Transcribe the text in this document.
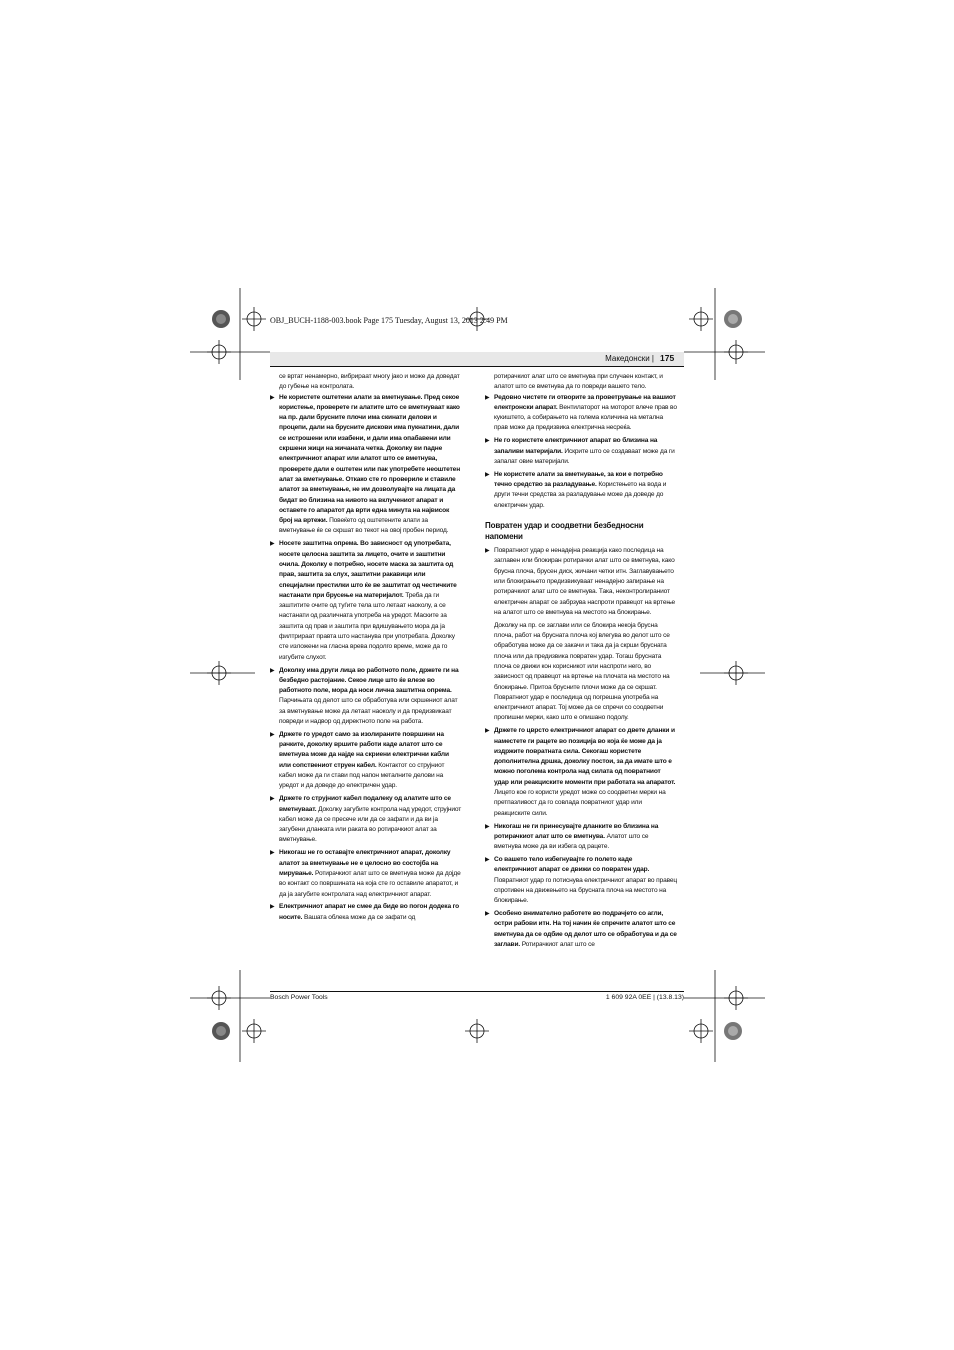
OBJ_BUCH-1188-003.book Page 175 Tuesday, August 13, 2013 2:49 PM
Македонски | 175

се вртат ненамерно, вибрираат многу јако и може да доведат до губење на контролата.

▶ Не користете оштетени алати за вметнување. Пред секое користење, проверете ги алатите што се вметнуваат како на пр. дали брусните плочи има скинати делови и процепи, дали на брусните дискови има пукнатини, дали се истрошени или изабени, и дали има опабавени или скршени жици на жичаната четка. Доколку ви падне електричниот апарат или алатот што се вметнува, проверете дали е оштетен или пак употребете неоштетен алат за вметнување. Откако сте го провериле и ставиле алатот за вметнување, не им дозволувајте на лицата да бидат во близина на нивото на вклучениот апарат и оставете го апаратот да врти една минута на највисок број на вртежи. Повеќето од оштетените алати за вметнување ќе се скршат во текот на овој пробен период.
▶ Носете заштитна опрема. Во зависност од употребата, носете целосна заштита за лицето, очите и заштитни очила. Доколку е потребно, носете маска за заштита од прав, заштита за слух, заштитни ракавици или специјални престилки што ќе ве заштитат од честичките настанати при брусење на материјалот. Треба да ги заштитите очите од туѓите тела што летаат наоколу, а се настанати од различната употреба на уредот. Маските за заштита од прав и заштита при вдишувањето мора да ја филтрираат правта што настанува при употребата. Доколку сте изложени на гласна врева подолго време, може да го изгубите слухот.
▶ Доколку има други лица во работното поле, држете ги на безбедно растојание. Секое лице што ќе влезе во работното поле, мора да носи лична заштитна опрема. Парчињата од делот што се обработува или скршениот алат за вметнување може да летаат наоколу и да предизвикаат повреди и надвор од директното поле на работа.
▶ Држете го уредот само за изолираните површини на рачките, доколку вршите работи каде алатот што се вметнува може да најде на скриени електрични кабли или сопствениот струен кабел. Контактот со струјниот кабел може да ги стави под напон металните делови на уредот и да доведе до електричен удар.
▶ Држете го струјниот кабел подалеку од алатите што се вметнуваат. Доколку загубите контрола над уредот, струјниот кабел може да се пресече или да се зафати и да ви ја загубени дланката или раката во ротирачкиот алат за вметнување.
▶ Никогаш не го оставајте електричниот апарат, доколку алатот за вметнување не е целосно во состојба на мирување. Ротирачкиот алат што се вметнува може да дојде во контакт со површината на која сте го оставиле апаратот, и да ја загубите контролата над електричниот апарат.
▶ Електричниот апарат не смее да биде во погон додека го носите. Вашата облека може да се зафати од

ротирачкиот алат што се вметнува при случаен контакт, и алатот што се вметнува да го повреди вашето тело.

▶ Редовно чистете ги отворите за проветрување на вашиот електронски апарат. Вентилаторот на моторот влече прав во кукиштето, а собирањето на голема количина на метална прав може да предизвика електрична несреќа.
▶ Не го користете електричниот апарат во близина на запаливи материјали. Искрите што се создаваат може да ги запалат овие материјали.
▶ Не користете алати за вметнување, за кои е потребно течно средство за разладување. Користењето на вода и други течни средства за разладување може да доведе до електричен удар.
Повратен удар и соодветни безбедносни напомени
▶ Повратниот удар е ненадејна реакција како последица на заглавен или блокиран ротирачки алат што се вметнува, како брусна плоча, брусен диск, жичани четки итн. Заглавувањето или блокирањето предизвикуваат ненадејно запирање на ротирачкиот алат што се вметнува. Така, неконтролираниот електричен апарат се забрзува наспроти правецот на вртење на алатот што се вметнува на местото на блокирање.

Доколку на пр. се заглави или се блокира некоја брусна плоча, работ на брусната плоча кој влегува во делот што се обработува може да се закачи и така да ја скрши брусната плоча или да предизвика повратен удар. Тогаш брусната плоча се движи кон корисникот или наспроти него, во зависност од правецот на вртење на плочата на местото на блокирање. Притоа брусните плочи може да се скршат.

Повратниот удар е последица од погрешна употреба на електричниот апарат. Тој може да се спречи со соодветни пропишни мерки, како што е опишано подолу.

▶ Држете го цврсто електричниот апарат со двете дланки и наместете ги рацете во позиција во која ќе може да ја издржите повратната сила. Секогаш користете дополнителна дршка, доколку постои, за да имате што е можно поголема контрола над силата од повратниот удар или реакциските моменти при работата на апаратот. Лицето кое го користи уредот може со соодветни мерки на претпазливост да го совлада повратниот удар или реакциските сили.
▶ Никогаш не ги принесувајте дланките во близина на ротирачкиот алат што се вметнува. Алатот што се вметнува може да ви избега од рацете.
▶ Со вашето тело избегнувајте го полето каде електричниот апарат се движи со повратен удар. Повратниот удар го потиснува електричниот апарат во правец спротивен на движењето на брусната плоча на местото на блокирање.
▶ Особено внимателно работете во подрачјето со агли, остри рабови итн. На тој начин ќе спречите алатот што се вметнува да се одбие од делот што се обработува и да се заглави. Ротирачкиот алат што се
Bosch Power Tools	1 609 92A 0EE | (13.8.13)
